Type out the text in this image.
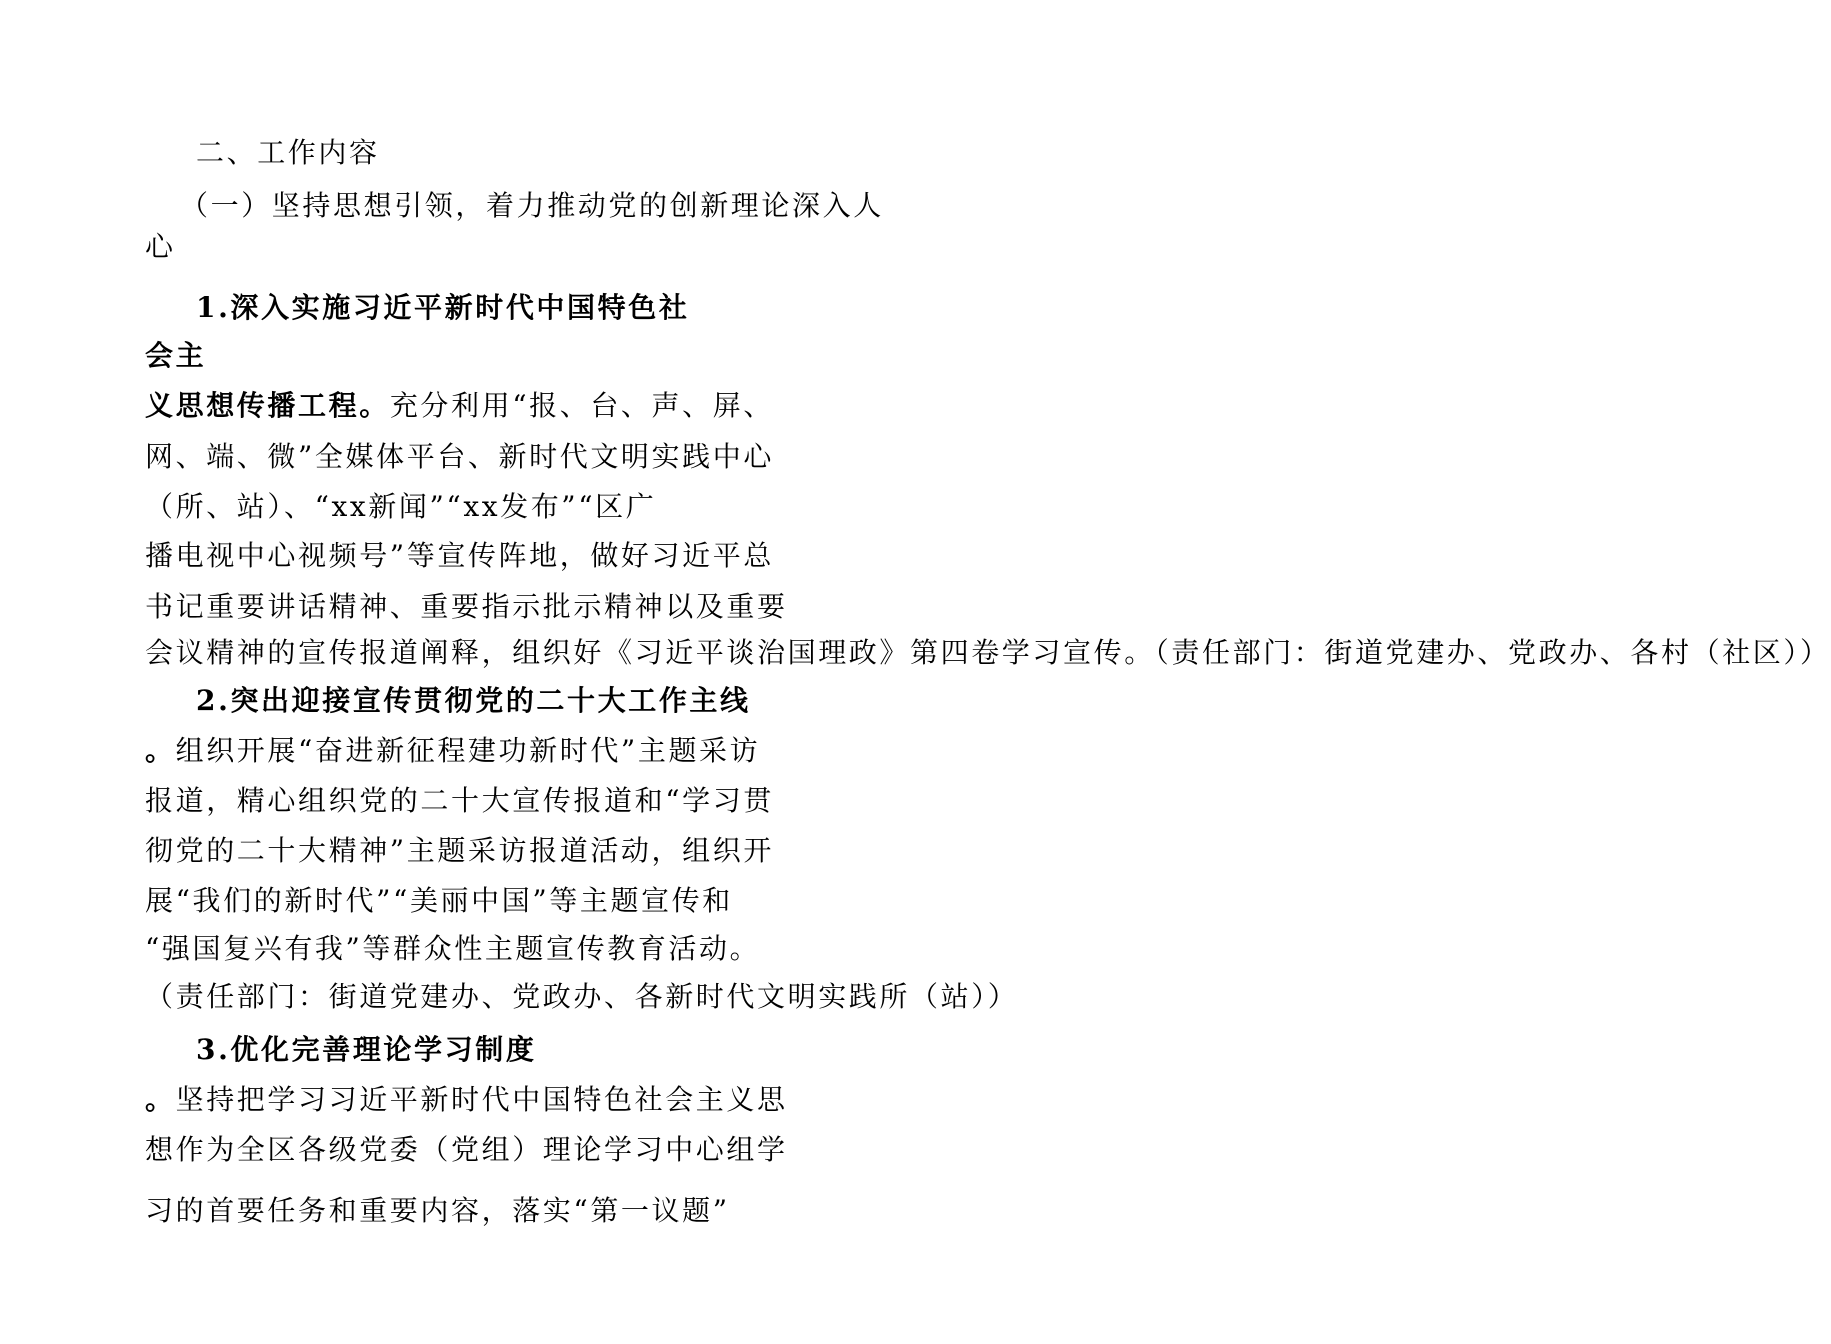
二、工作内容
（一）坚持思想引领，着力推动党的创新理论深入人
心
1.深入实施习近平新时代中国特色社
会主
义思想传播工程。充分利用“报、台、声、屏、
网、端、微”全媒体平台、新时代文明实践中心
（所、站）、“xx新闻”“xx发布”“区广
播电视中心视频号”等宣传阵地，做好习近平总
书记重要讲话精神、重要指示批示精神以及重要
会议精神的宣传报道阐释，组织好《习近平谈治国理政》第四卷学习宣传。（责任部门：街道党建办、党政办、各村（社区））
2.突出迎接宣传贯彻党的二十大工作主线
。组织开展“奋进新征程建功新时代”主题采访
报道，精心组织党的二十大宣传报道和“学习贯
彻党的二十大精神”主题采访报道活动，组织开
展“我们的新时代”“美丽中国”等主题宣传和
“强国复兴有我”等群众性主题宣传教育活动。
（责任部门：街道党建办、党政办、各新时代文明实践所（站））
3.优化完善理论学习制度
。坚持把学习习近平新时代中国特色社会主义思
想作为全区各级党委（党组）理论学习中心组学
习的首要任务和重要内容，落实“第一议题”
